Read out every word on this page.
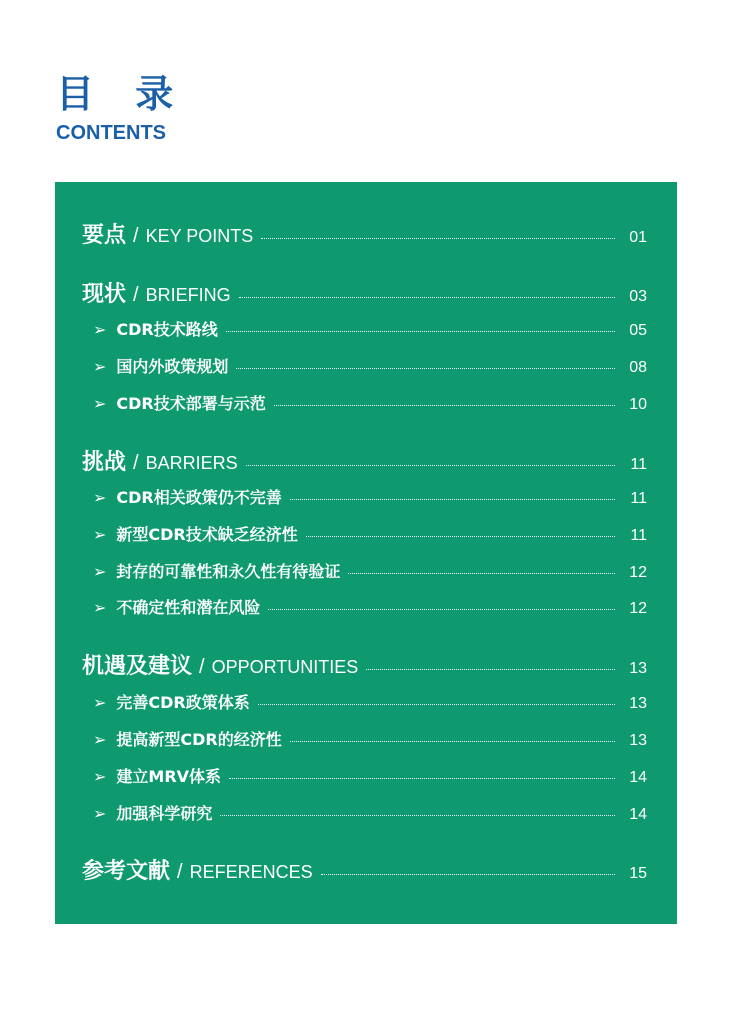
目 录
CONTENTS
要点 / KEY POINTS	01
现状 / BRIEFING	03
➢ CDR技术路线	05
➢ 国内外政策规划	08
➢ CDR技术部署与示范	10
挑战 / BARRIERS	11
➢ CDR相关政策仍不完善	11
➢ 新型CDR技术缺乏经济性	11
➢ 封存的可靠性和永久性有待验证	12
➢ 不确定性和潜在风险	12
机遇及建议 / OPPORTUNITIES	13
➢ 完善CDR政策体系	13
➢ 提高新型CDR的经济性	13
➢ 建立MRV体系	14
➢ 加强科学研究	14
参考文献 / REFERENCES	15
